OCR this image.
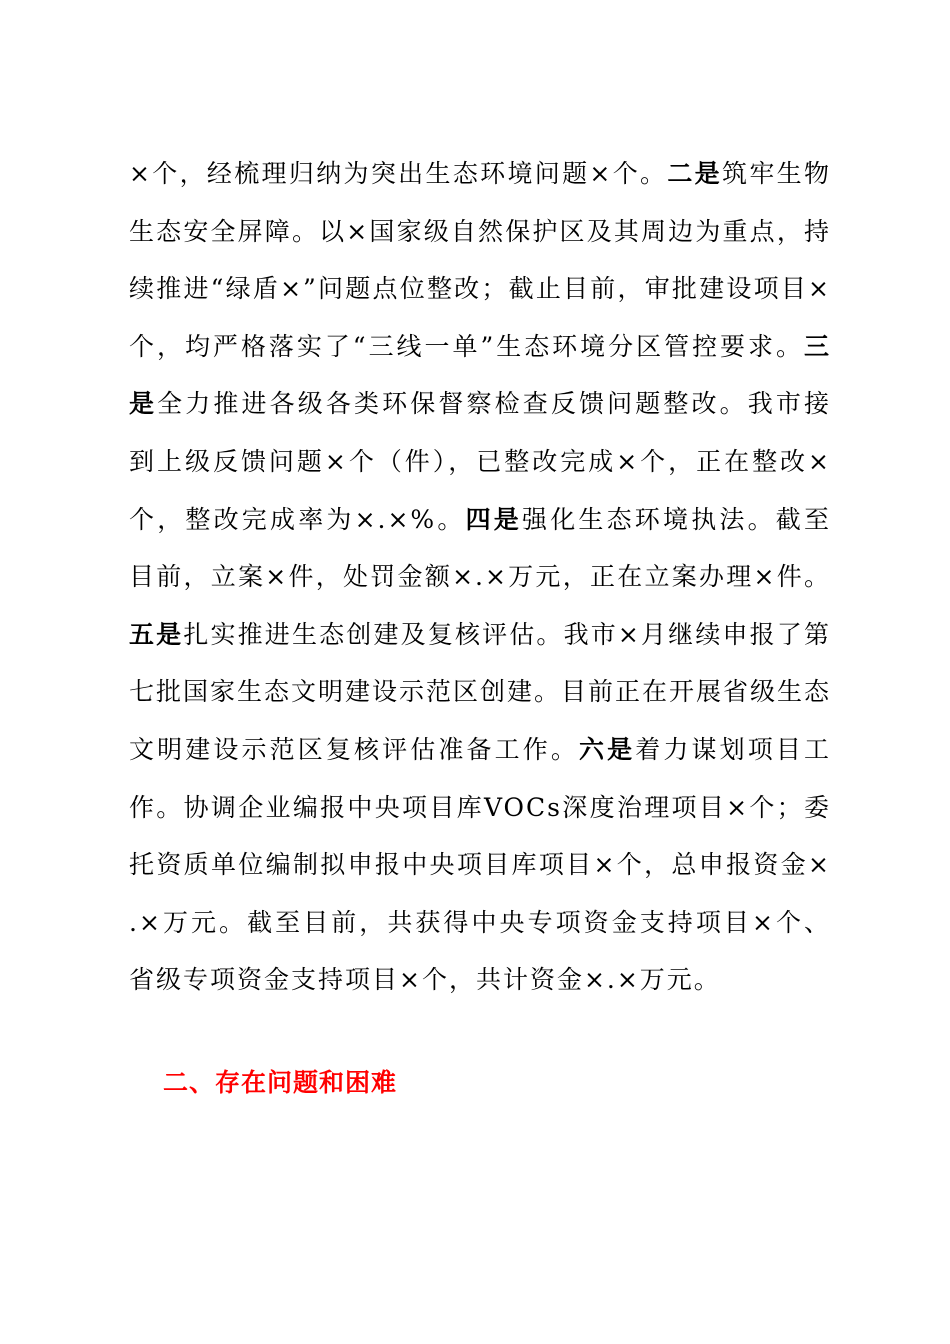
×个，经梳理归纳为突出生态环境问题×个。二是筑牢生物生态安全屏障。以×国家级自然保护区及其周边为重点，持续推进“绿盾×”问题点位整改；截止目前，审批建设项目×个，均严格落实了“三线一单”生态环境分区管控要求。三是全力推进各级各类环保督察检查反馈问题整改。我市接到上级反馈问题×个（件），已整改完成×个，正在整改×个，整改完成率为×.×%。四是强化生态环境执法。截至目前，立案×件，处罚金额×.×万元，正在立案办理×件。五是扎实推进生态创建及复核评估。我市×月继续申报了第七批国家生态文明建设示范区创建。目前正在开展省级生态文明建设示范区复核评估准备工作。六是着力谋划项目工作。协调企业编报中央项目库VOCs深度治理项目×个；委托资质单位编制拟申报中央项目库项目×个，总申报资金×.×万元。截至目前，共获得中央专项资金支持项目×个、省级专项资金支持项目×个，共计资金×.×万元。

二、存在问题和困难
